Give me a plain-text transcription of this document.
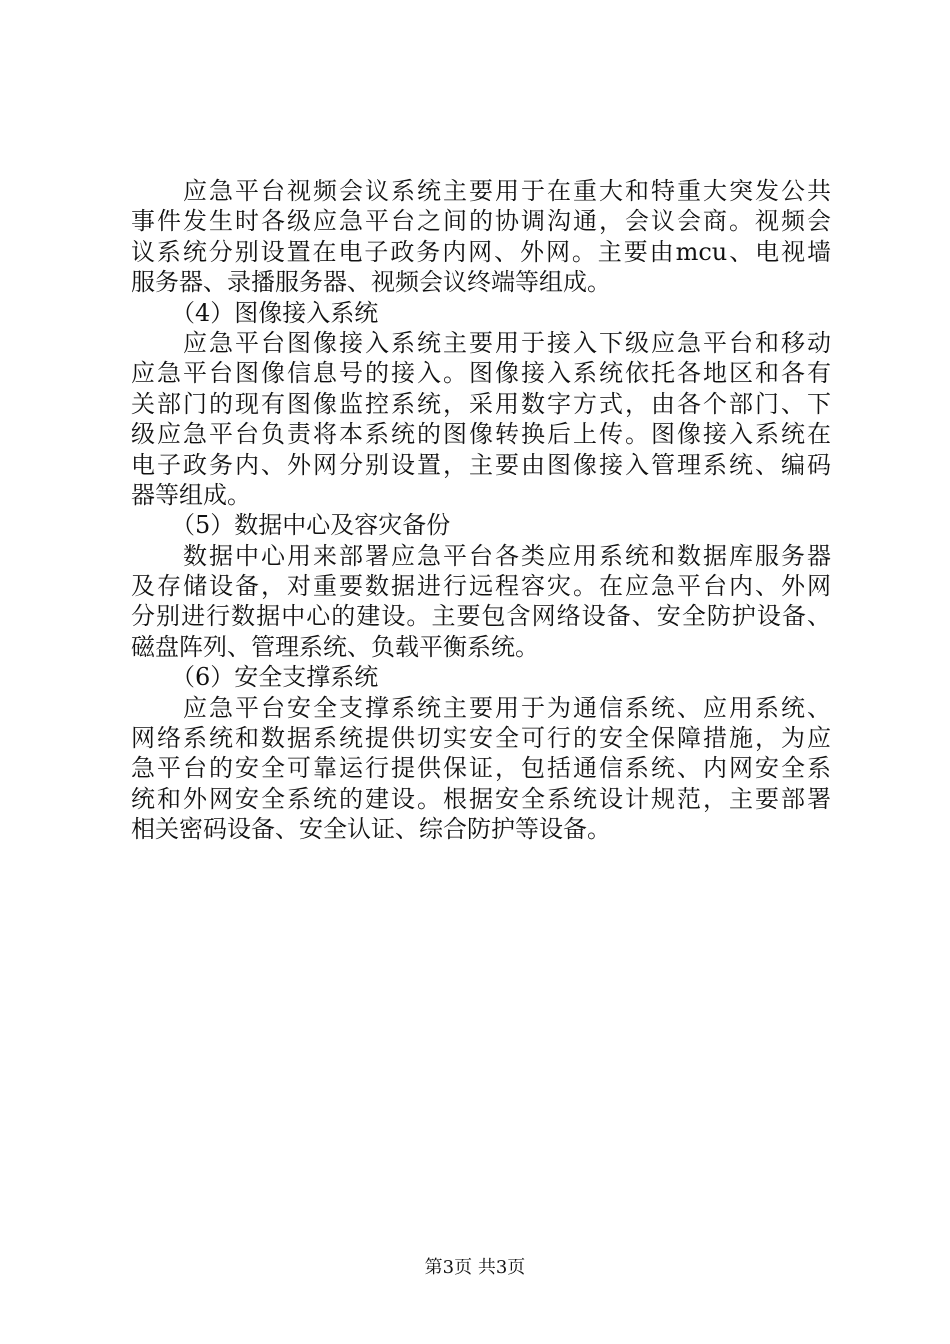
应急平台视频会议系统主要用于在重大和特重大突发公共
事件发生时各级应急平台之间的协调沟通，会议会商。视频会
议系统分别设置在电子政务内网、外网。主要由mcu、电视墙
服务器、录播服务器、视频会议终端等组成。
（4）图像接入系统
应急平台图像接入系统主要用于接入下级应急平台和移动
应急平台图像信息号的接入。图像接入系统依托各地区和各有
关部门的现有图像监控系统，采用数字方式，由各个部门、下
级应急平台负责将本系统的图像转换后上传。图像接入系统在
电子政务内、外网分别设置，主要由图像接入管理系统、编码
器等组成。
（5）数据中心及容灾备份
数据中心用来部署应急平台各类应用系统和数据库服务器
及存储设备，对重要数据进行远程容灾。在应急平台内、外网
分别进行数据中心的建设。主要包含网络设备、安全防护设备、
磁盘阵列、管理系统、负载平衡系统。
（6）安全支撑系统
应急平台安全支撑系统主要用于为通信系统、应用系统、
网络系统和数据系统提供切实安全可行的安全保障措施，为应
急平台的安全可靠运行提供保证，包括通信系统、内网安全系
统和外网安全系统的建设。根据安全系统设计规范，主要部署
相关密码设备、安全认证、综合防护等设备。
第3页 共3页
